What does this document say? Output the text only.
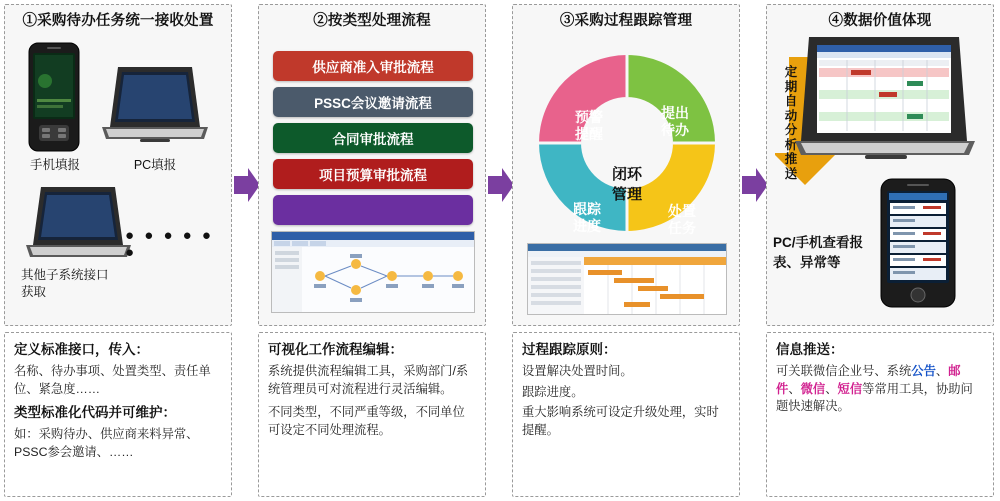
①采购待办任务统一接收处置
手机填报	PC填报
● ● ● ● ● ●
其他子系统接口获取
定义标准接口，传入：
名称、待办事项、处置类型、责任单位、紧急度……
类型标准化代码并可维护：
如：采购待办、供应商来料异常、PSSC参会邀请、……
②按类型处理流程
供应商准入审批流程
PSSC会议邀请流程
合同审批流程
项目预算审批流程
可视化工作流程编辑：
系统提供流程编辑工具，采购部门/系统管理员可对流程进行灵活编辑。
不同类型，不同严重等级，不同单位可设定不同处理流程。
③采购过程跟踪管理
闭环
管理
预警
提醒
提出
待办
处置
任务
跟踪
进度
过程跟踪原则：
设置解决处置时间。
跟踪进度。
重大影响系统可设定升级处理，实时提醒。
④数据价值体现
定期自动分析推送
PC/手机查看报表、异常等
信息推送：
可关联微信企业号、系统公告、邮件、微信、短信等常用工具，协助问题快速解决。
